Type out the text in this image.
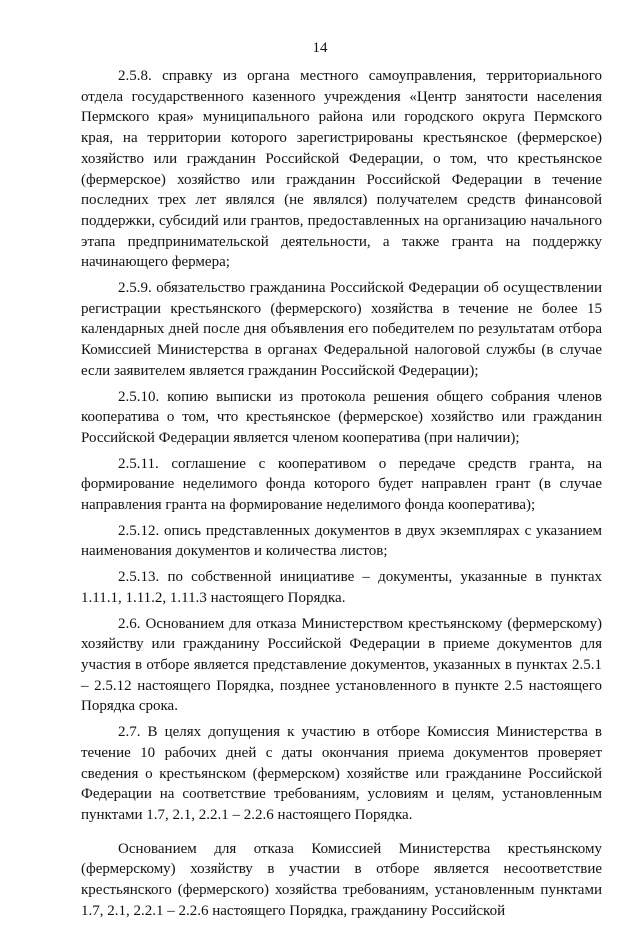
14

2.5.8. справку из органа местного самоуправления, территориального отдела государственного казенного учреждения «Центр занятости населения Пермского края» муниципального района или городского округа Пермского края, на территории которого зарегистрированы крестьянское (фермерское) хозяйство или гражданин Российской Федерации, о том, что крестьянское (фермерское) хозяйство или гражданин Российской Федерации в течение последних трех лет являлся (не являлся) получателем средств финансовой поддержки, субсидий или грантов, предоставленных на организацию начального этапа предпринимательской деятельности, а также гранта на поддержку начинающего фермера;

2.5.9. обязательство гражданина Российской Федерации об осуществлении регистрации крестьянского (фермерского) хозяйства в течение не более 15 календарных дней после дня объявления его победителем по результатам отбора Комиссией Министерства в органах Федеральной налоговой службы (в случае если заявителем является гражданин Российской Федерации);

2.5.10. копию выписки из протокола решения общего собрания членов кооператива о том, что крестьянское (фермерское) хозяйство или гражданин Российской Федерации является членом кооператива (при наличии);

2.5.11. соглашение с кооперативом о передаче средств гранта, на формирование неделимого фонда которого будет направлен грант (в случае направления гранта на формирование неделимого фонда кооператива);

2.5.12. опись представленных документов в двух экземплярах с указанием наименования документов и количества листов;

2.5.13. по собственной инициативе – документы, указанные в пунктах 1.11.1, 1.11.2, 1.11.3 настоящего Порядка.

2.6. Основанием для отказа Министерством крестьянскому (фермерскому) хозяйству или гражданину Российской Федерации в приеме документов для участия в отборе является представление документов, указанных в пунктах 2.5.1 – 2.5.12 настоящего Порядка, позднее установленного в пункте 2.5 настоящего Порядка срока.

2.7. В целях допущения к участию в отборе Комиссия Министерства в течение 10 рабочих дней с даты окончания приема документов проверяет сведения о крестьянском (фермерском) хозяйстве или гражданине Российской Федерации на соответствие требованиям, условиям и целям, установленным пунктами 1.7, 2.1, 2.2.1 – 2.2.6 настоящего Порядка.

Основанием для отказа Комиссией Министерства крестьянскому (фермерскому) хозяйству в участии в отборе является несоответствие крестьянского (фермерского) хозяйства требованиям, установленным пунктами 1.7, 2.1, 2.2.1 – 2.2.6 настоящего Порядка, гражданину Российской
